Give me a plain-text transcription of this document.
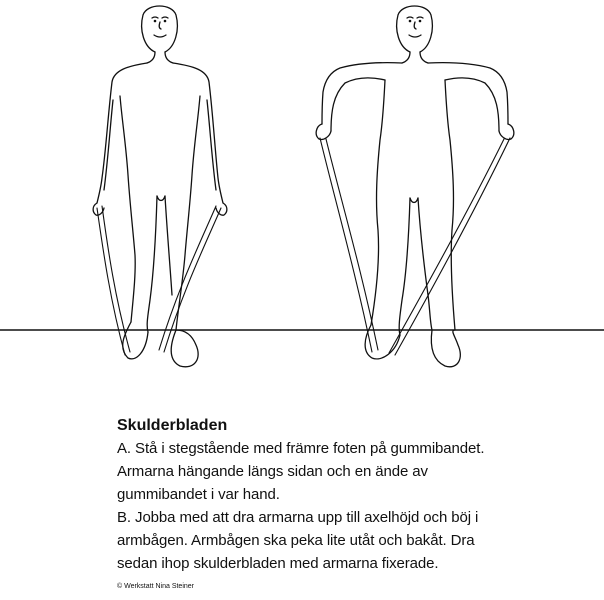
Skulderbladen

A. Stå i stegstående med främre foten på gummibandet.

Armarna hängande längs sidan och en ände av

gummibandet i var hand.

B. Jobba med att dra armarna upp till axelhöjd och böj i

armbågen. Armbågen ska peka lite utåt och bakåt. Dra

sedan ihop skulderbladen med armarna fixerade.

© Werkstatt Nina Steiner
